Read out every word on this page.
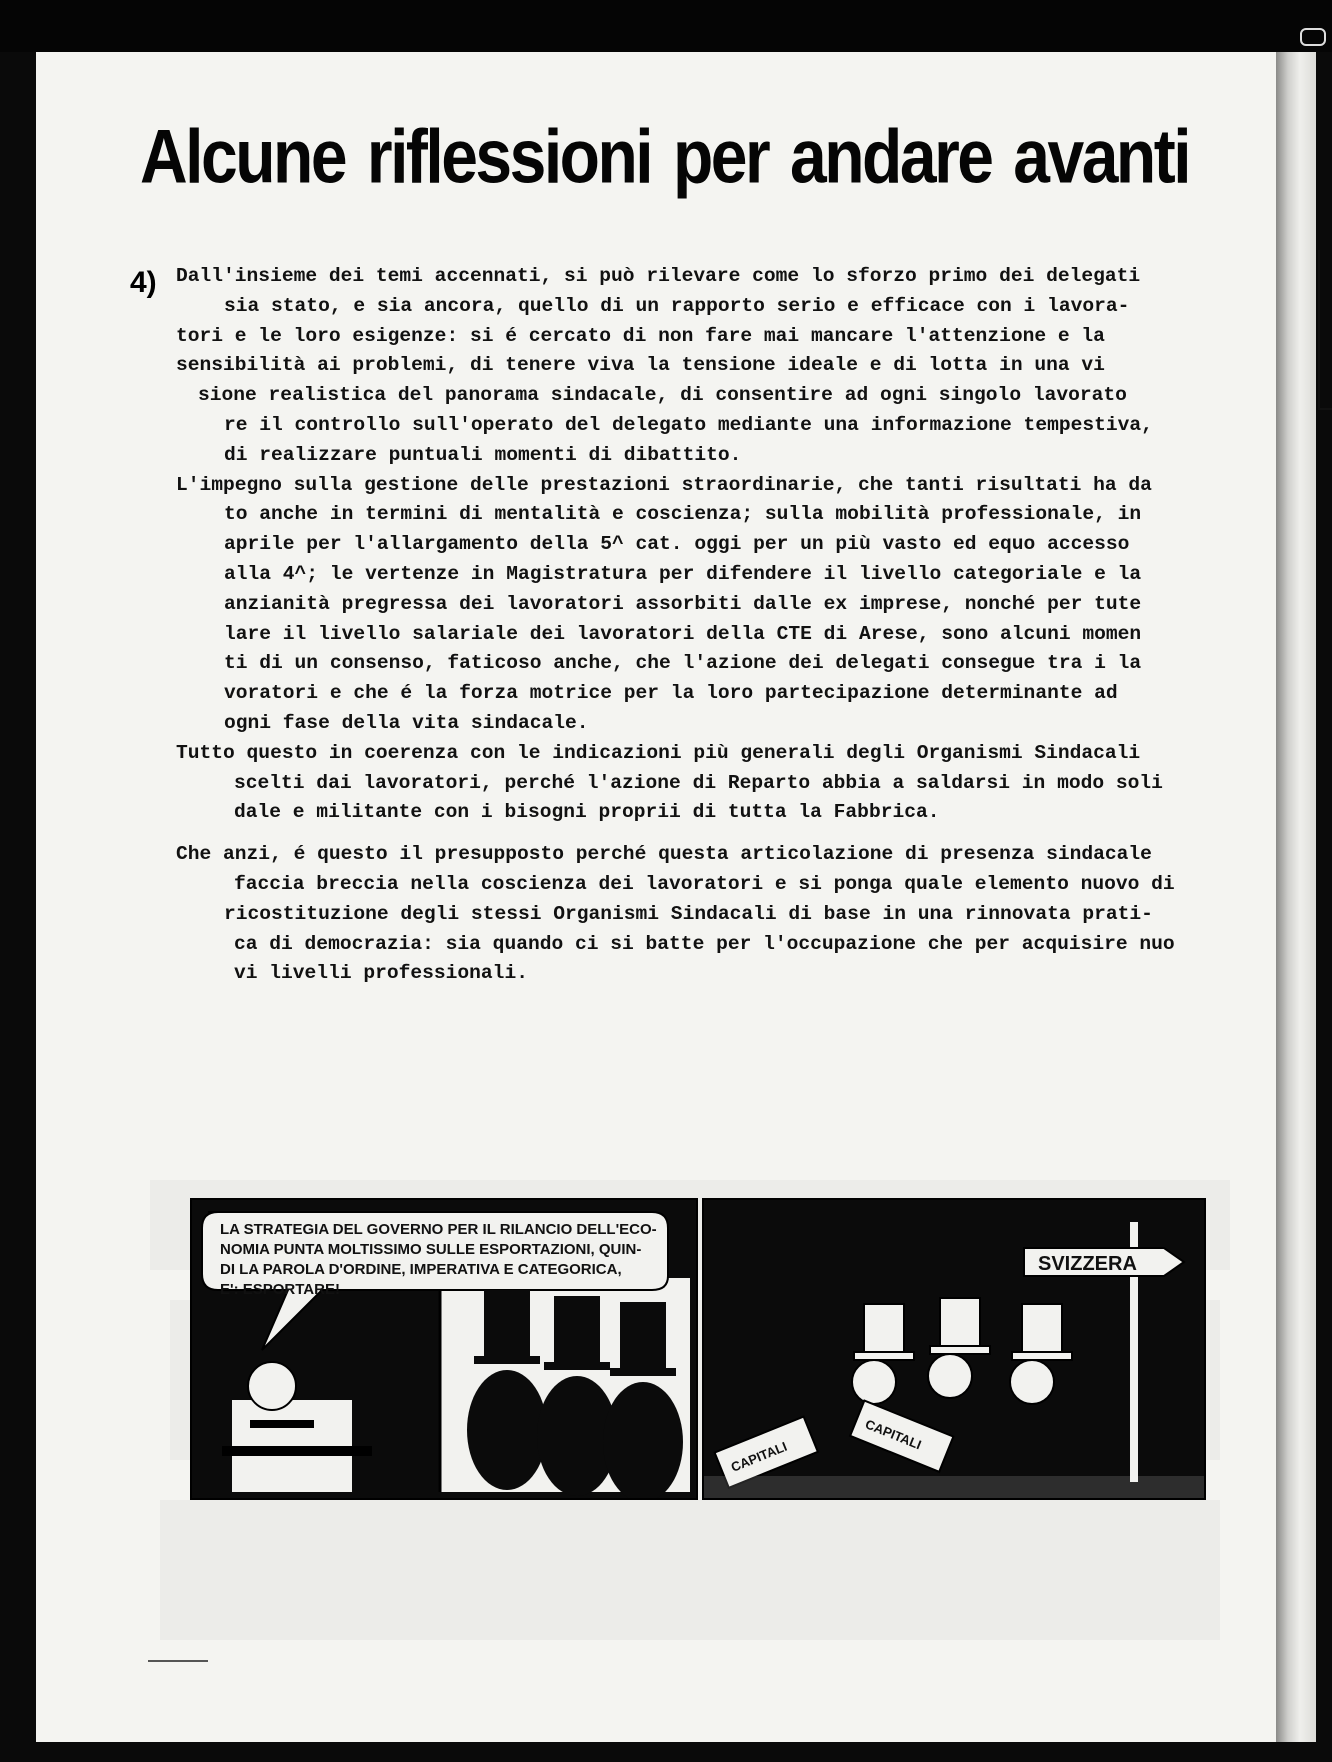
Alcune riflessioni per andare avanti
4) Dall'insieme dei temi accennati, si può rilevare come lo sforzo primo dei delegati
sia stato, e sia ancora, quello di un rapporto serio e efficace con i lavora-
tori e le loro esigenze: si é cercato di non fare mai mancare l'attenzione e la
sensibilità ai problemi, di tenere viva la tensione ideale e di lotta in una vi
sione realistica del panorama sindacale, di consentire ad ogni singolo lavorato
re il controllo sull'operato del delegato mediante una informazione tempestiva,
di realizzare puntuali momenti di dibattito.

L'impegno sulla gestione delle prestazioni straordinarie, che tanti risultati ha da
to anche in termini di mentalità e coscienza; sulla mobilità professionale, in
aprile per l'allargamento della 5^ cat. oggi per un più vasto ed equo accesso
alla 4^; le vertenze in Magistratura per difendere il livello categoriale e la
anzianità pregressa dei lavoratori assorbiti dalle ex imprese, nonché per tute
lare il livello salariale dei lavoratori della CTE di Arese, sono alcuni momen
ti di un consenso, faticoso anche, che l'azione dei delegati consegue tra i la
voratori e che é la forza motrice per la loro partecipazione determinante ad
ogni fase della vita sindacale.

Tutto questo in coerenza con le indicazioni più generali degli Organismi Sindacali
scelti dai lavoratori, perché l'azione di Reparto abbia a saldarsi in modo soli
dale e militante con i bisogni proprii di tutta la Fabbrica.

Che anzi, é questo il presupposto perché questa articolazione di presenza sindacale
faccia breccia nella coscienza dei lavoratori e si ponga quale elemento nuovo di
ricostituzione degli stessi Organismi Sindacali di base in una rinnovata prati-
ca di democrazia: sia quando ci si batte per l'occupazione che per acquisire nuo
vi livelli professionali.

LA STRATEGIA DEL GOVERNO PER IL RILANCIO DELL'ECO-
NOMIA PUNTA MOLTISSIMO SULLE ESPORTAZIONI, QUIN-
DI LA PAROLA D'ORDINE, IMPERATIVA E CATEGORICA,
E': ESPORTARE!
SVIZZERA
CAPITALI
CAPITALI
